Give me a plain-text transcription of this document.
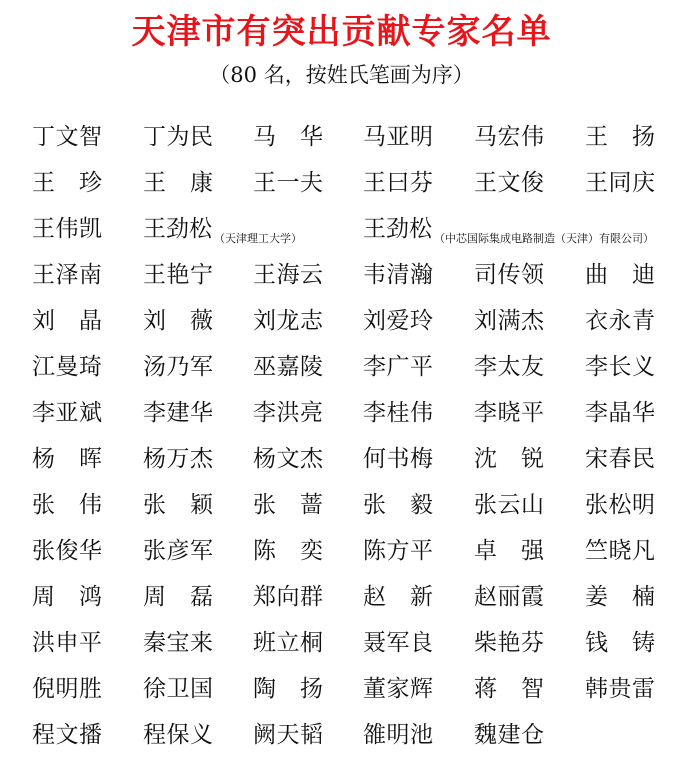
天津市有突出贡献专家名单
（80 名，按姓氏笔画为序）
丁文智 丁为民 马 华 马亚明 马宏伟 王 扬
王 珍 王 康 王一夫 王曰芬 王文俊 王同庆
王伟凯 王劲松 $_{(天津理工大学)}$	王劲松 $_{(中芯国际集成电路制造(天津)有限公司)}$
王泽南 王艳宁 王海云 韦清瀚 司传领 曲 迪
刘 晶 刘 薇 刘龙志 刘爱玲 刘满杰 衣永青
江曼琦 汤乃军 巫嘉陵 李广平 李太友 李长义
李亚斌 李建华 李洪亮 李桂伟 李晓平 李晶华
杨 晖 杨万杰 杨文杰 何书梅 沈 锐 宋春民
张 伟 张 颖 张 蔷 张 毅 张云山 张松明
张俊华 张彦军 陈 奕 陈方平 卓 强 竺晓凡
周 鸿 周 磊 郑向群 赵 新 赵丽霞 姜 楠
洪申平 秦宝来 班立桐 聂军良 柴艳芬 钱 铸
倪明胜 徐卫国 陶 扬 董家辉 蒋 智 韩贵雷
程文播 程保义 阙天韬 雒明池 魏建仓
